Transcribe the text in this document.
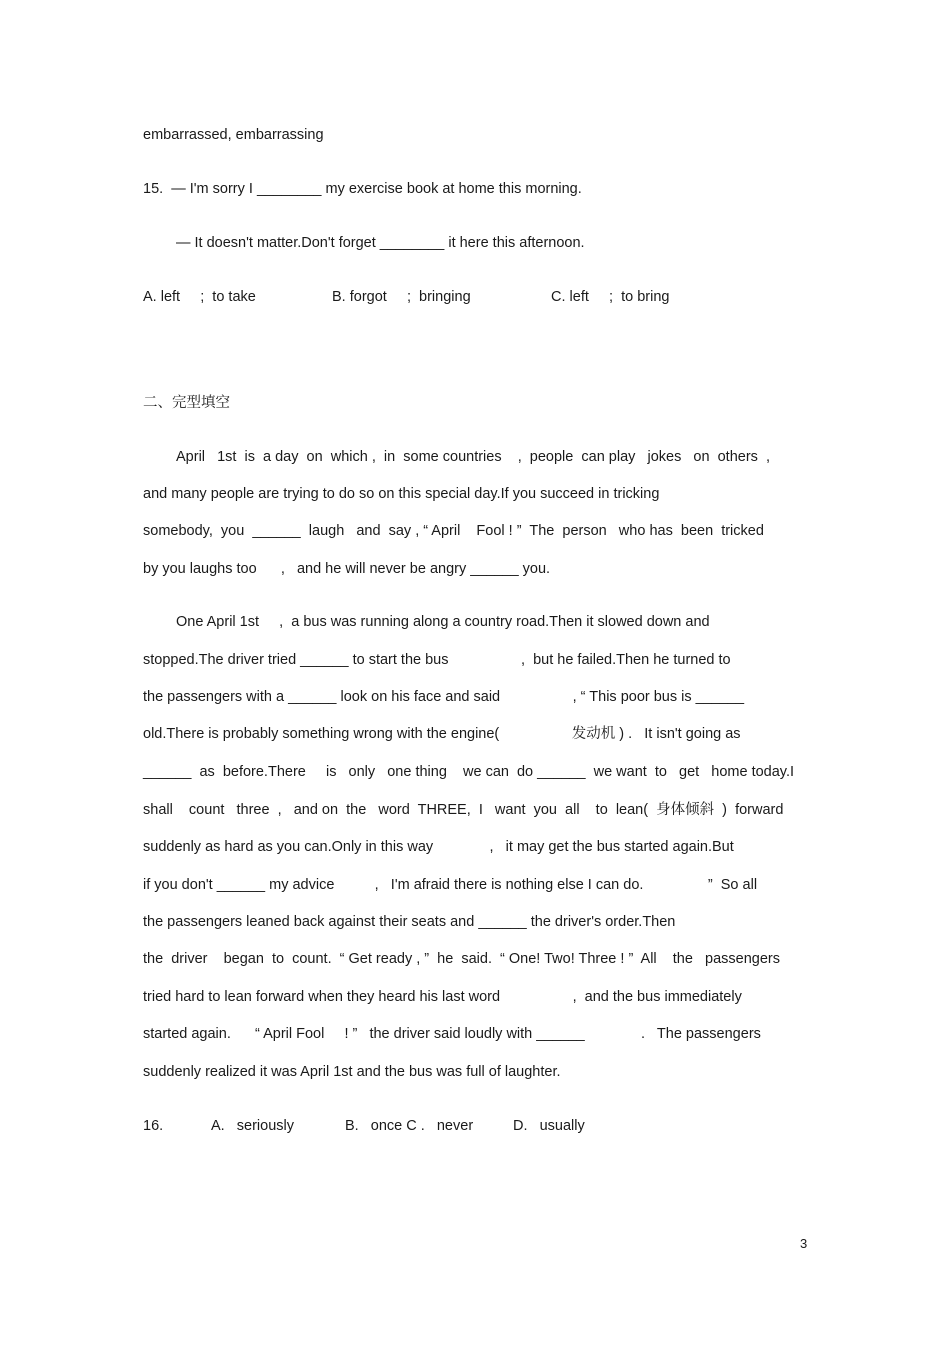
embarrassed, embarrassing
15.  — I'm sorry I ________ my exercise book at home this morning.
— It doesn't matter.Don't forget ________ it here this afternoon.
A. left     ;  to take	B. forgot     ;  bringing	C. left     ;  to bring
二、完型填空
April   1st  is  a day  on  which ,  in  some countries    ,  people  can play   jokes   on  others  ,
and many people are trying to do so on this special day.If you succeed in tricking
somebody,  you  ______  laugh   and  say , “ April    Fool ! ”  The  person   who has  been  tricked
by you laughs too      ,   and he will never be angry ______ you.
One April 1st     ,  a bus was running along a country road.Then it slowed down and
stopped.The driver tried ______ to start the bus                  ,  but he failed.Then he turned to
the passengers with a ______ look on his face and said                  , “ This poor bus is ______
old.There is probably something wrong with the engine(                  发动机 ) .   It isn't going as
______  as  before.There     is   only   one thing    we can  do ______  we want  to   get   home today.I
shall    count   three  ,   and on  the   word  THREE,  I   want  you  all    to  lean(  身体倾斜  )  forward
suddenly as hard as you can.Only in this way              ,   it may get the bus started again.But
if you don't ______ my advice          ,   I'm afraid there is nothing else I can do.                ”  So all
the passengers leaned back against their seats and ______ the driver's order.Then
the  driver    began  to  count.  “ Get ready , ”  he  said.  “ One! Two! Three ! ”  All    the   passengers
tried hard to lean forward when they heard his last word                  ,  and the bus immediately
started again.      “ April Fool     ! ”   the driver said loudly with ______              .   The passengers
suddenly realized it was April 1st and the bus was full of laughter.
16.	A.   seriously	B.   once C .   never	D.   usually
3
